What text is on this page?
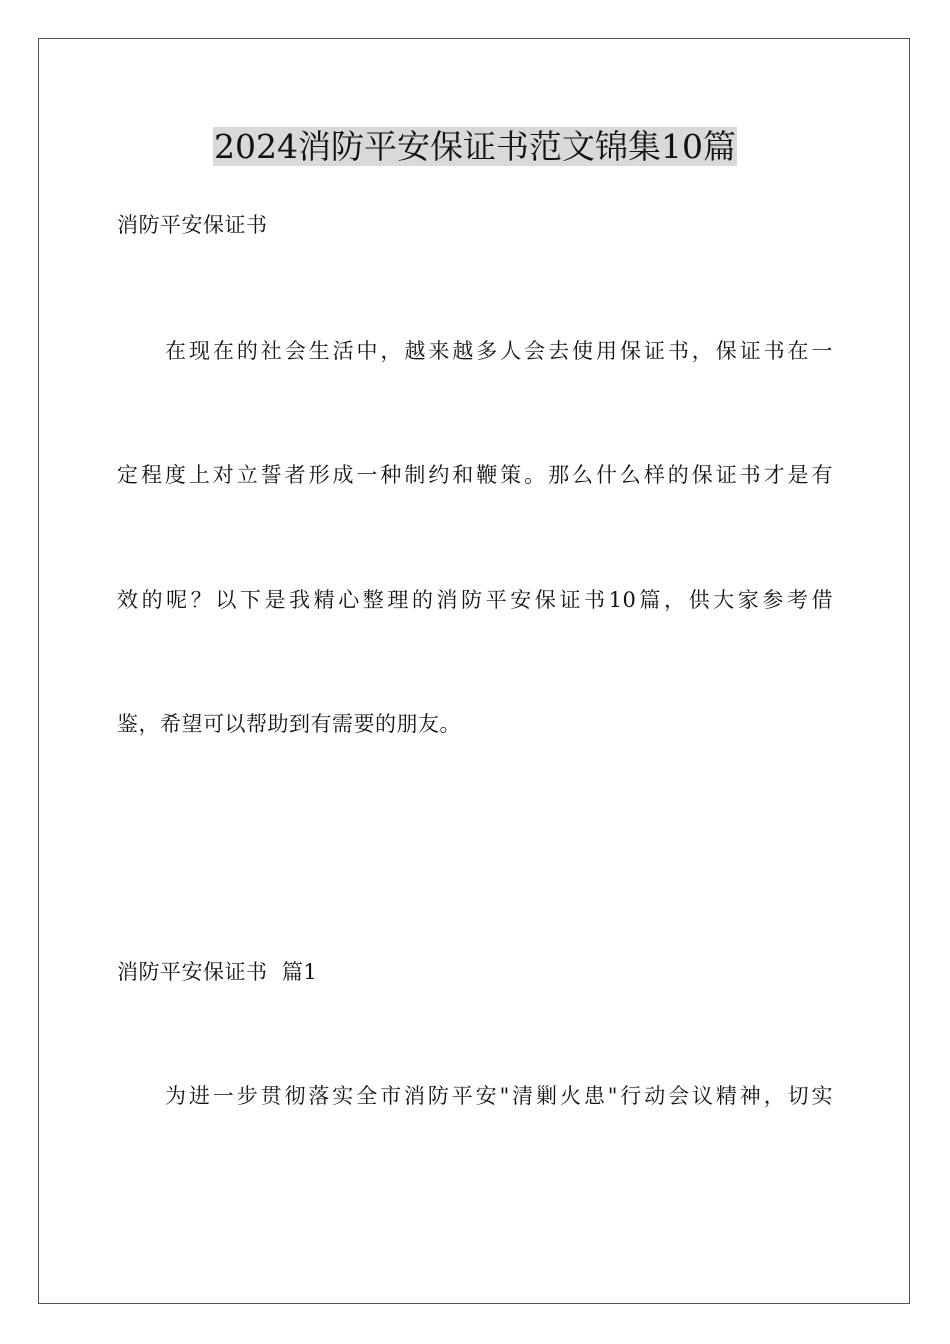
2024消防平安保证书范文锦集10篇
消防平安保证书
在现在的社会生活中，越来越多人会去使用保证书，保证书在一
定程度上对立誓者形成一种制约和鞭策。那么什么样的保证书才是有
效的呢？以下是我精心整理的消防平安保证书10篇，供大家参考借
鉴，希望可以帮助到有需要的朋友。
消防平安保证书  篇1
为进一步贯彻落实全市消防平安"清剿火患"行动会议精神，切实
